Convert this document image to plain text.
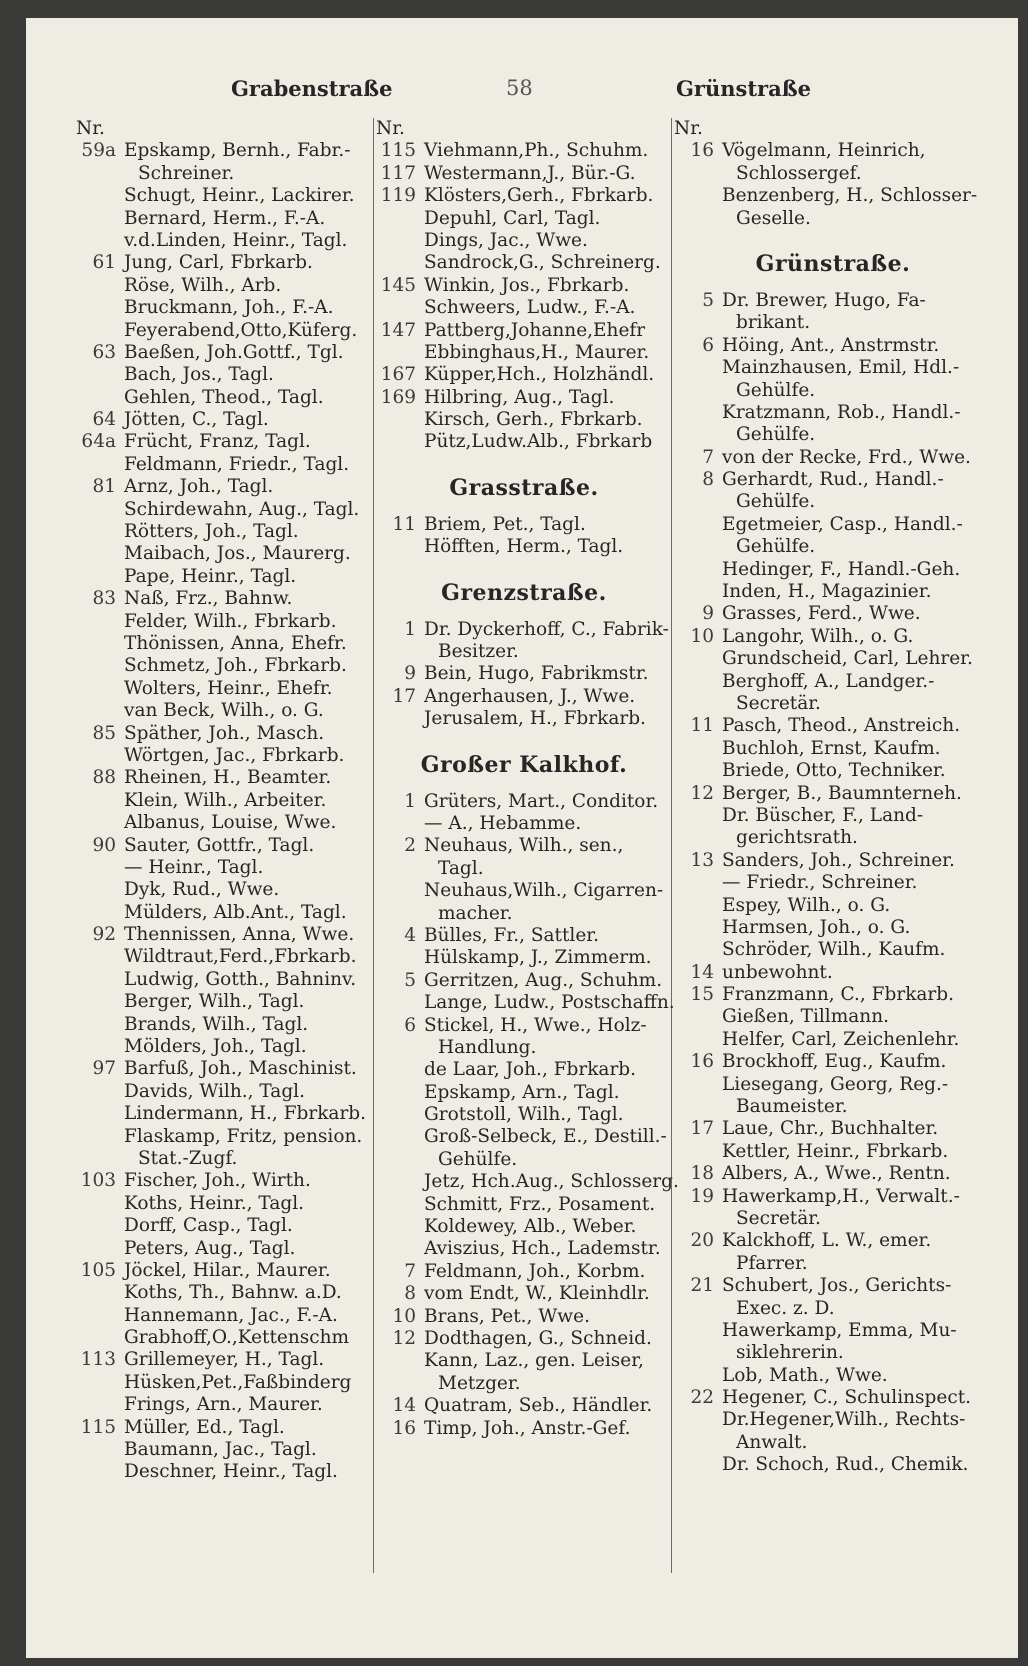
Grabenstraße	58	Grünstraße
Nr.
59a Epskamp, Bernh., Fabr.-
Schreiner.
Schugt, Heinr., Lackirer.
Bernard, Herm., F.-A.
v.d.Linden, Heinr., Tagl.
61 Jung, Carl, Fbrkarb.
Röse, Wilh., Arb.
Bruckmann, Joh., F.-A.
Feyerabend,Otto,Küferg.
63 Baeßen, Joh.Gottf., Tgl.
Bach, Jos., Tagl.
Gehlen, Theod., Tagl.
64 Jötten, C., Tagl.
64a Frücht, Franz, Tagl.
Feldmann, Friedr., Tagl.
81 Arnz, Joh., Tagl.
Schirdewahn, Aug., Tagl.
Rötters, Joh., Tagl.
Maibach, Jos., Maurerg.
Pape, Heinr., Tagl.
83 Naß, Frz., Bahnw.
Felder, Wilh., Fbrkarb.
Thönissen, Anna, Ehefr.
Schmetz, Joh., Fbrkarb.
Wolters, Heinr., Ehefr.
van Beck, Wilh., o. G.
85 Späther, Joh., Masch.
Wörtgen, Jac., Fbrkarb.
88 Rheinen, H., Beamter.
Klein, Wilh., Arbeiter.
Albanus, Louise, Wwe.
90 Sauter, Gottfr., Tagl.
— Heinr., Tagl.
Dyk, Rud., Wwe.
Mülders, Alb.Ant., Tagl.
92 Thennissen, Anna, Wwe.
Wildtraut,Ferd.,Fbrkarb.
Ludwig, Gotth., Bahninv.
Berger, Wilh., Tagl.
Brands, Wilh., Tagl.
Mölders, Joh., Tagl.
97 Barfuß, Joh., Maschinist.
Davids, Wilh., Tagl.
Lindermann, H., Fbrkarb.
Flaskamp, Fritz, pension.
Stat.-Zugf.
103 Fischer, Joh., Wirth.
Koths, Heinr., Tagl.
Dorff, Casp., Tagl.
Peters, Aug., Tagl.
105 Jöckel, Hilar., Maurer.
Koths, Th., Bahnw. a.D.
Hannemann, Jac., F.-A.
Grabhoff,O.,Kettenschm
113 Grillemeyer, H., Tagl.
Hüsken,Pet.,Faßbinderg
Frings, Arn., Maurer.
115 Müller, Ed., Tagl.
Baumann, Jac., Tagl.
Deschner, Heinr., Tagl.
Nr.
115 Viehmann,Ph., Schuhm.
117 Westermann,J., Bür.-G.
119 Klösters,Gerh., Fbrkarb.
Depuhl, Carl, Tagl.
Dings, Jac., Wwe.
Sandrock,G., Schreinerg.
145 Winkin, Jos., Fbrkarb.
Schweers, Ludw., F.-A.
147 Pattberg,Johanne,Ehefr
Ebbinghaus,H., Maurer.
167 Küpper,Hch., Holzhändl.
169 Hilbring, Aug., Tagl.
Kirsch, Gerh., Fbrkarb.
Pütz,Ludw.Alb., Fbrkarb
Grasstraße.
11 Briem, Pet., Tagl.
Höfften, Herm., Tagl.
Grenzstraße.
1 Dr. Dyckerhoff, C., Fabrik-
Besitzer.
9 Bein, Hugo, Fabrikmstr.
17 Angerhausen, J., Wwe.
Jerusalem, H., Fbrkarb.
Großer Kalkhof.
1 Grüters, Mart., Conditor.
— A., Hebamme.
2 Neuhaus, Wilh., sen.,
Tagl.
Neuhaus,Wilh., Cigarren-
macher.
4 Bülles, Fr., Sattler.
Hülskamp, J., Zimmerm.
5 Gerritzen, Aug., Schuhm.
Lange, Ludw., Postschaffn.
6 Stickel, H., Wwe., Holz-
Handlung.
de Laar, Joh., Fbrkarb.
Epskamp, Arn., Tagl.
Grotstoll, Wilh., Tagl.
Groß-Selbeck, E., Destill.-
Gehülfe.
Jetz, Hch.Aug., Schlosserg.
Schmitt, Frz., Posament.
Koldewey, Alb., Weber.
Aviszius, Hch., Lademstr.
7 Feldmann, Joh., Korbm.
8 vom Endt, W., Kleinhdlr.
10 Brans, Pet., Wwe.
12 Dodthagen, G., Schneid.
Kann, Laz., gen. Leiser,
Metzger.
14 Quatram, Seb., Händler.
16 Timp, Joh., Anstr.-Gef.
Nr.
16 Vögelmann, Heinrich,
Schlossergef.
Benzenberg, H., Schlosser-
Geselle.
Grünstraße.
5 Dr. Brewer, Hugo, Fa-
brikant.
6 Höing, Ant., Anstrmstr.
Mainzhausen, Emil, Hdl.-
Gehülfe.
Kratzmann, Rob., Handl.-
Gehülfe.
7 von der Recke, Frd., Wwe.
8 Gerhardt, Rud., Handl.-
Gehülfe.
Egetmeier, Casp., Handl.-
Gehülfe.
Hedinger, F., Handl.-Geh.
Inden, H., Magazinier.
9 Grasses, Ferd., Wwe.
10 Langohr, Wilh., o. G.
Grundscheid, Carl, Lehrer.
Berghoff, A., Landger.-
Secretär.
11 Pasch, Theod., Anstreich.
Buchloh, Ernst, Kaufm.
Briede, Otto, Techniker.
12 Berger, B., Baumnterneh.
Dr. Büscher, F., Land-
gerichtsrath.
13 Sanders, Joh., Schreiner.
— Friedr., Schreiner.
Espey, Wilh., o. G.
Harmsen, Joh., o. G.
Schröder, Wilh., Kaufm.
14 unbewohnt.
15 Franzmann, C., Fbrkarb.
Gießen, Tillmann.
Helfer, Carl, Zeichenlehr.
16 Brockhoff, Eug., Kaufm.
Liesegang, Georg, Reg.-
Baumeister.
17 Laue, Chr., Buchhalter.
Kettler, Heinr., Fbrkarb.
18 Albers, A., Wwe., Rentn.
19 Hawerkamp,H., Verwalt.-
Secretär.
20 Kalckhoff, L. W., emer.
Pfarrer.
21 Schubert, Jos., Gerichts-
Exec. z. D.
Hawerkamp, Emma, Mu-
siklehrerin.
Lob, Math., Wwe.
22 Hegener, C., Schulinspect.
Dr.Hegener,Wilh., Rechts-
Anwalt.
Dr. Schoch, Rud., Chemik.
